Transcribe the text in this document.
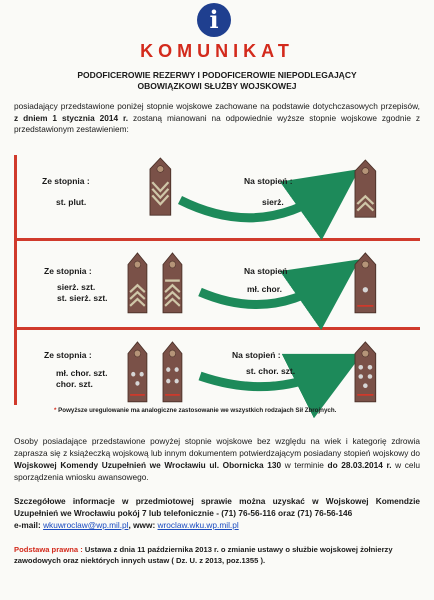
i
KOMUNIKAT
PODOFICEROWIE REZERWY I PODOFICEROWIE NIEPODLEGAJĄCY
OBOWIĄZKOWI SŁUŻBY WOJSKOWEJ
posiadający przedstawione poniżej stopnie wojskowe zachowane na podstawie dotychczasowych przepisów, z dniem 1 stycznia 2014 r. zostaną mianowani na odpowiednie wyższe stopnie wojskowe zgodnie z przedstawionym zestawieniem:
Ze stopnia :
st. plut.
Na stopień :
sierż.
Ze stopnia :
sierż. szt.
st. sierż. szt.
Na stopień
mł. chor.
Ze stopnia :
mł. chor. szt.
chor. szt.
Na stopień :
st. chor. szt.
* Powyższe uregulowanie ma analogiczne zastosowanie we wszystkich rodzajach Sił Zbrojnych.
Osoby posiadające przedstawione powyżej stopnie wojskowe bez względu na wiek i kategorię zdrowia zaprasza się z książeczką wojskową lub innym dokumentem potwierdzającym posiadany stopień wojskowy do Wojskowej Komendy Uzupełnień we Wrocławiu ul. Obornicka 130 w terminie do 28.03.2014 r. w celu sporządzenia wniosku awansowego.
Szczegółowe informacje w przedmiotowej sprawie można uzyskać w Wojskowej Komendzie Uzupełnień we Wrocławiu pokój 7 lub telefonicznie - (71) 76-56-116 oraz (71) 76-56-146
e-mail: wkuwroclaw@wp.mil.pl, www: wroclaw.wku.wp.mil.pl
Podstawa prawna : Ustawa z dnia 11 października 2013 r. o zmianie ustawy o służbie wojskowej żołnierzy zawodowych oraz niektórych innych ustaw ( Dz. U. z 2013, poz.1355 ).
